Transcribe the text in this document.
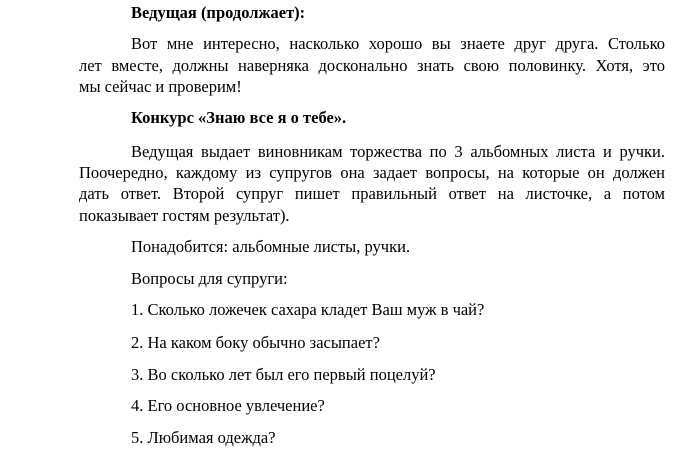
Ведущая (продолжает):
Вот мне интересно, насколько хорошо вы знаете друг друга. Столько
лет вместе, должны наверняка досконально знать свою половинку. Хотя, это
мы сейчас и проверим!
Конкурс «Знаю все я о тебе».
Ведущая выдает виновникам торжества по 3 альбомных листа и ручки.
Поочередно, каждому из супругов она задает вопросы, на которые он должен
дать ответ. Второй супруг пишет правильный ответ на листочке, а потом
показывает гостям результат).
Понадобится: альбомные листы, ручки.
Вопросы для супруги:
1. Сколько ложечек сахара кладет Ваш муж в чай?
2. На каком боку обычно засыпает?
3. Во сколько лет был его первый поцелуй?
4. Его основное увлечение?
5. Любимая одежда?
